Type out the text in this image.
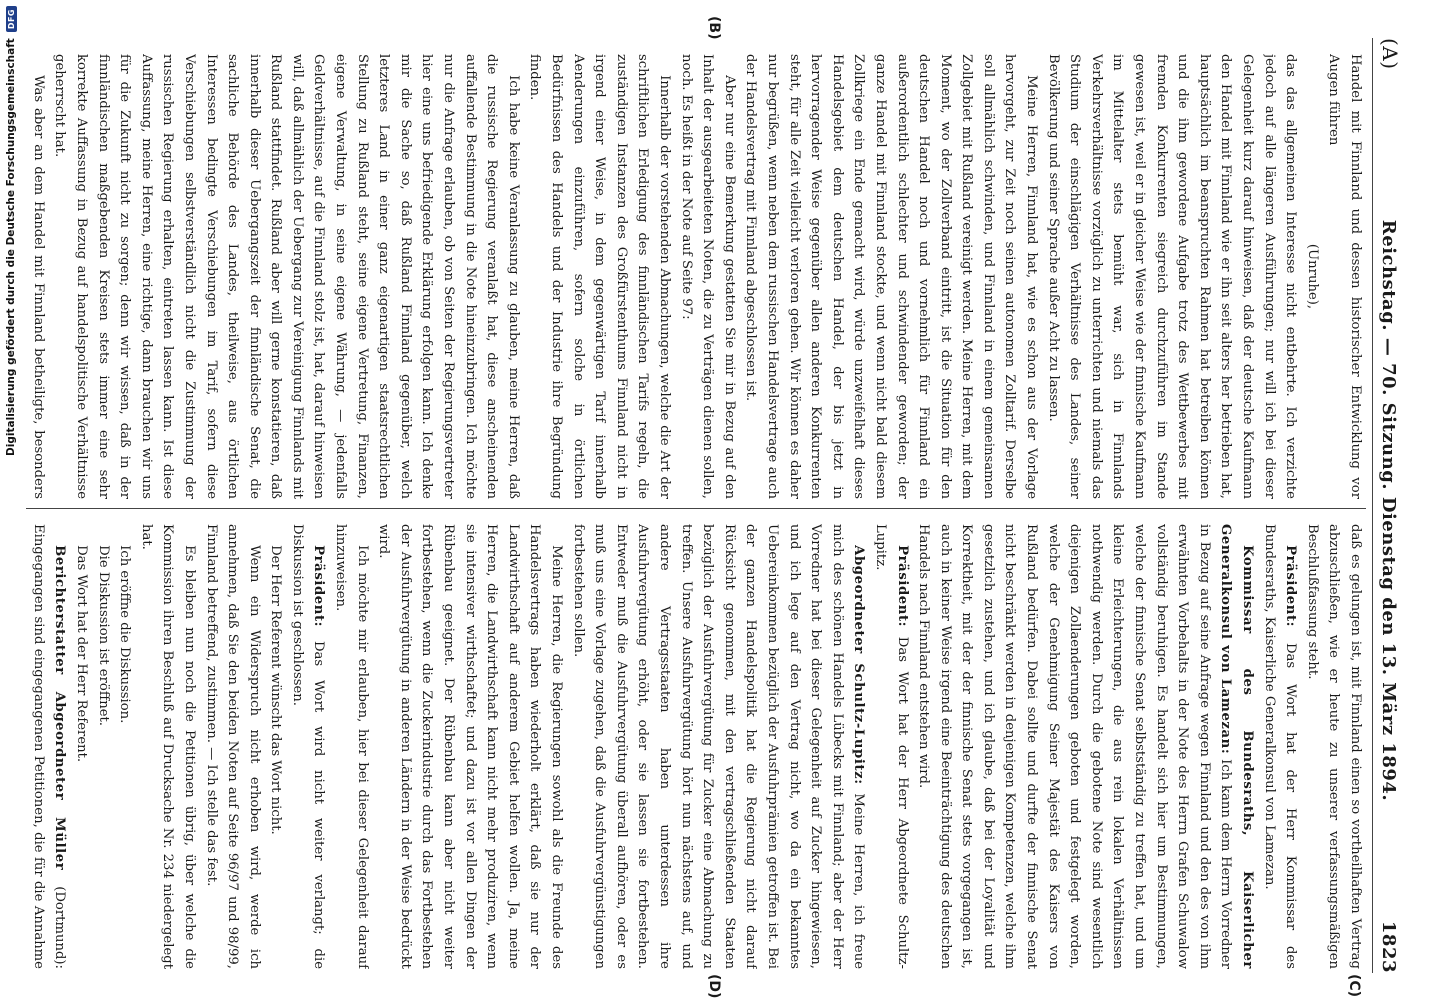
(A)
Reichstag. — 70. Sitzung. Dienstag den 13. März 1894.
1823
(B)
(C)
(D)

Handel mit Finnland und dessen historischer Entwicklung vor Augen führen

(Unruhe),

das das allgemeinen Interesse nicht entbehrte. Ich verzichte jedoch auf alle längeren Ausführungen; nur will ich bei dieser Gelegenheit kurz darauf hinweisen, daß der deutsche Kaufmann den Handel mit Finnland wie er ihn seit alters her betrieben hat, hauptsächlich im beanspruchten Rahmen hat betreiben können und die ihm gewordene Aufgabe trotz des Wettbewerbes mit fremden Konkurrenten siegreich durchzuführen im Stande gewesen ist, weil er in gleicher Weise wie der finnische Kaufmann im Mittelalter stets bemüht war, sich in Finnlands Verkehrsverhältnisse vorzüglich zu unterrichten und niemals das Studium der einschlägigen Verhältnisse des Landes, seiner Bevölkerung und seiner Sprache außer Acht zu lassen.

Meine Herren, Finnland hat, wie es schon aus der Vorlage hervorgeht, zur Zeit noch seinen autonomen Zolltarif. Derselbe soll allmählich schwinden, und Finnland in einem gemeinsamen Zollgebiet mit Rußland vereinigt werden. Meine Herren, mit dem Moment, wo der Zollverband eintritt, ist die Situation für den deutschen Handel noch und vornehmlich für Finnland ein außerordentlich schlechter und schwindender geworden; der ganze Handel mit Finnland stockte, und wenn nicht bald diesem Zollkriege ein Ende gemacht wird, würde unzweifelhaft dieses Handelsgebiet dem deutschen Handel, der bis jetzt in hervorragender Weise gegenüber allen anderen Konkurrenten steht, für alle Zeit vielleicht verloren gehen. Wir können es daher nur begrüßen, wenn neben dem russischen Handelsvertrage auch der Handelsvertrag mit Finnland abgeschlossen ist.

Aber nur eine Bemerkung gestatten Sie mir in Bezug auf den Inhalt der ausgearbeiteten Noten, die zu Verträgen dienen sollen, noch. Es heißt in der Note auf Seite 97:

Innerhalb der vorstehenden Abmachungen, welche die Art der schriftlichen Erledigung des finnländischen Tarifs regeln, die zuständigen Instanzen des Großfürstenthums Finnland nicht in irgend einer Weise, in dem gegenwärtigen Tarif innerhalb Aenderungen einzuführen, sofern solche in örtlichen Bedürfnissen des Handels und der Industrie ihre Begründung finden.

Ich habe keine Veranlassung zu glauben, meine Herren, daß die russische Regierung veranlaßt hat, diese anscheinenden auffallende Bestimmung in die Note hineinzubringen. Ich möchte nur die Anfrage erlauben, ob von Seiten der Regierungsvertreter hier eine uns befriedigende Erklärung erfolgen kann. Ich denke mir die Sache so, daß Rußland Finnland gegenüber, welch letzteres Land in einer ganz eigenartigen staatsrechtlichen Stellung zu Rußland steht, seine eigene Vertretung, Finanzen, eigene Verwaltung, in seine eigene Währung, — jedenfalls Geldverhältnisse, auf die Finnland stolz ist, hat, darauf hinweisen will, daß allmählich der Uebergang zur Vereinigung Finnlands mit Rußland stattfindet. Rußland aber will gerne konstatieren, daß innerhalb dieser Uebergangszeit der finnländische Senat, die sachliche Behörde des Landes, theilweise, aus örtlichen Interessen bedingte Verschiebungen im Tarif, sofern diese Verschiebungen selbstverständlich nicht die Zustimmung der russischen Regierung erhalten, eintreten lassen kann. Ist diese Auffassung, meine Herren, eine richtige, dann brauchen wir uns für die Zukunft nicht zu sorgen; denn wir wissen, daß in der finnländischen maßgebenden Kreisen stets immer eine sehr korrekte Auffassung in Bezug auf handelspolitische Verhältnisse geherrscht hat.

Was aber an dem Handel mit Finnland betheiligte, besonders

daß es gelungen ist, mit Finnland einen so vortheilhaften Vertrag abzuschließen, wie er heute zu unserer verfassungsmäßigen Beschlußfassung steht.

Präsident: Das Wort hat der Herr Kommissar des Bundesraths, Kaiserliche Generalkonsul von Lamezan.

Kommissar des Bundesraths, Kaiserlicher Generalkonsul von Lamezan: Ich kann dem Herrn Vorredner in Bezug auf seine Anfrage wegen Finnland und den des von ihm erwähnten Vorbehalts in der Note des Herrn Grafen Schuwalow vollständig beruhigen. Es handelt sich hier um Bestimmungen, welche der finnische Senat selbstständig zu treffen hat, und um kleine Erleichterungen, die aus rein lokalen Verhältnissen nothwendig werden. Durch die gebotene Note sind wesentlich diejenigen Zollaenderungen geboten und festgelegt worden, welche der Genehmigung Seiner Majestät des Kaisers von Rußland bedürfen. Dabei sollte und durfte der finnische Senat nicht beschränkt werden in denjenigen Kompetenzen, welche ihm gesetzlich zustehen, und ich glaube, daß bei der Loyalität und Korrektheit, mit der der finnische Senat stets vorgegangen ist, auch in keiner Weise irgend eine Beeinträchtigung des deutschen Handels nach Finnland entstehen wird.

Präsident: Das Wort hat der Herr Abgeordnete Schultz-Lupitz.

Abgeordneter Schultz-Lupitz: Meine Herren, ich freue mich des schönen Handels Lübecks mit Finnland; aber der Herr Vorredner hat bei dieser Gelegenheit auf Zucker hingewiesen, und ich lege auf den Vertrag nicht, wo da ein bekanntes Uebereinkommen bezüglich der Ausfuhrprämien getroffen ist. Bei der ganzen Handelspolitik hat die Regierung nicht darauf Rücksicht genommen, mit den vertragschließenden Staaten bezüglich der Ausfuhrvergütung für Zucker eine Abmachung zu treffen. Unsere Ausfuhrvergütung hört nun nächstens auf, und andere Vertragsstaaten haben unterdessen ihre Ausfuhrvergütung erhöht, oder sie lassen sie fortbestehen. Entweder muß die Ausfuhrvergütung überall aufhören, oder es muß uns eine Vorlage zugehen, daß die Ausfuhrvergünstigungen fortbestehen sollen.

Meine Herren, die Regierungen sowohl als die Freunde des Handelsvertrags haben wiederholt erklärt, daß sie nur der Landwirthschaft auf anderem Gebiet helfen wollen. Ja, meine Herren, die Landwirthschaft kann nicht mehr produziren, wenn sie intensiver wirthschaftet; und dazu ist vor allen Dingen der Rübenbau geeignet. Der Rübenbau kann aber nicht weiter fortbestehen, wenn die Zuckerindustrie durch das Fortbestehen der Ausfuhrvergütung in anderen Ländern in der Weise bedrückt wird.

Ich möchte mir erlauben, hier bei dieser Gelegenheit darauf hinzuweisen.

Präsident: Das Wort wird nicht weiter verlangt; die Diskussion ist geschlossen.

Der Herr Referent wünscht das Wort nicht.

Wenn ein Widerspruch nicht erhoben wird, werde ich annehmen, daß Sie den beiden Noten auf Seite 96/97 und 98/99, Finnland betreffend, zustimmen. — Ich stelle das fest.

Es bleiben nun noch die Petitionen übrig, über welche die Kommission ihren Beschluß auf Drucksache Nr. 234 niedergelegt hat.

Ich eröffne die Diskussion.

Die Diskussion ist eröffnet.

Das Wort hat der Herr Referent.

Berichterstatter Abgeordneter Müller (Dortmund): Eingegangen sind eingegangenen Petitionen, die für die Annahme

Digitalisierung gefördert durch die Deutsche Forschungsgemeinschaft
DFG
